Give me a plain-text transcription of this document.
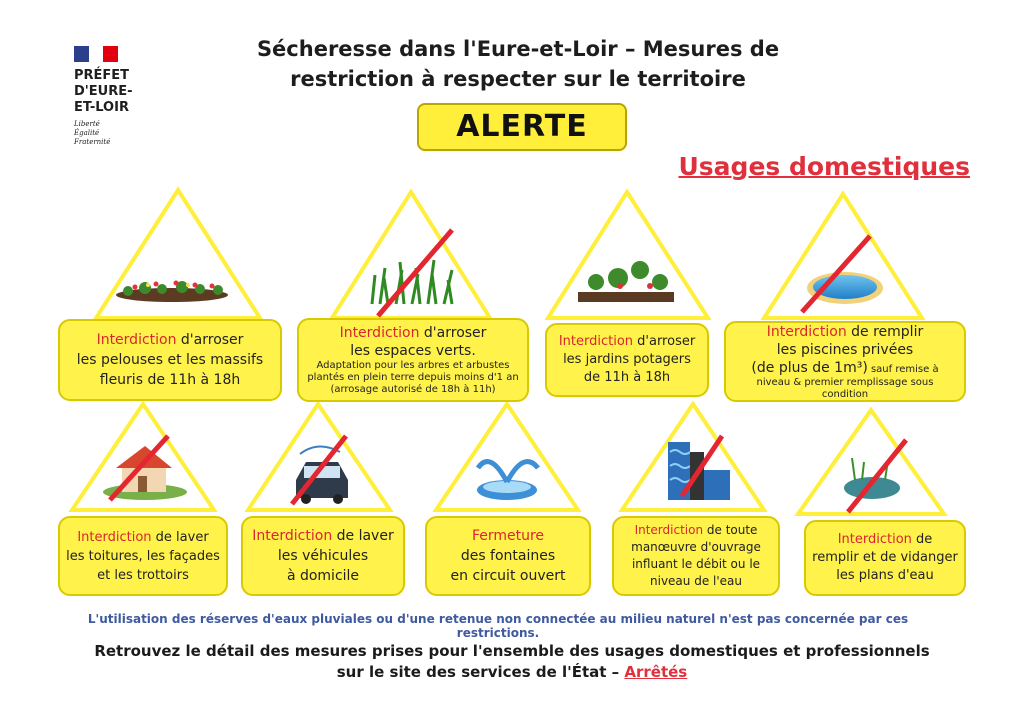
PRÉFET
D'EURE-
ET-LOIR
Liberté
Égalité
Fraternité
Sécheresse dans l'Eure-et-Loir – Mesures de
restriction à respecter sur le territoire
ALERTE
Usages domestiques
Interdiction d'arroser
les pelouses et les massifs
fleuris de 11h à 18h
Interdiction d'arroser
les espaces verts.
Adaptation pour les arbres et arbustes
plantés en plein terre depuis moins d'1 an
(arrosage autorisé de 18h à 11h)
Interdiction d'arroser
les jardins potagers
de 11h à 18h
Interdiction de remplir
les piscines privées
(de plus de 1m³) sauf remise à
niveau & premier remplissage sous condition
Interdiction de laver
les toitures, les façades
et les trottoirs
Interdiction de laver
les véhicules
à domicile
Fermeture
des fontaines
en circuit ouvert
Interdiction de toute
manœuvre d'ouvrage
influant le débit ou le
niveau de l'eau
Interdiction de
remplir et de vidanger
les plans d'eau
L'utilisation des réserves d'eaux pluviales ou d'une retenue non connectée au milieu naturel n'est pas concernée par ces restrictions.
Retrouvez le détail des mesures prises pour l'ensemble des usages domestiques et professionnels
sur le site des services de l'État – Arrêtés
